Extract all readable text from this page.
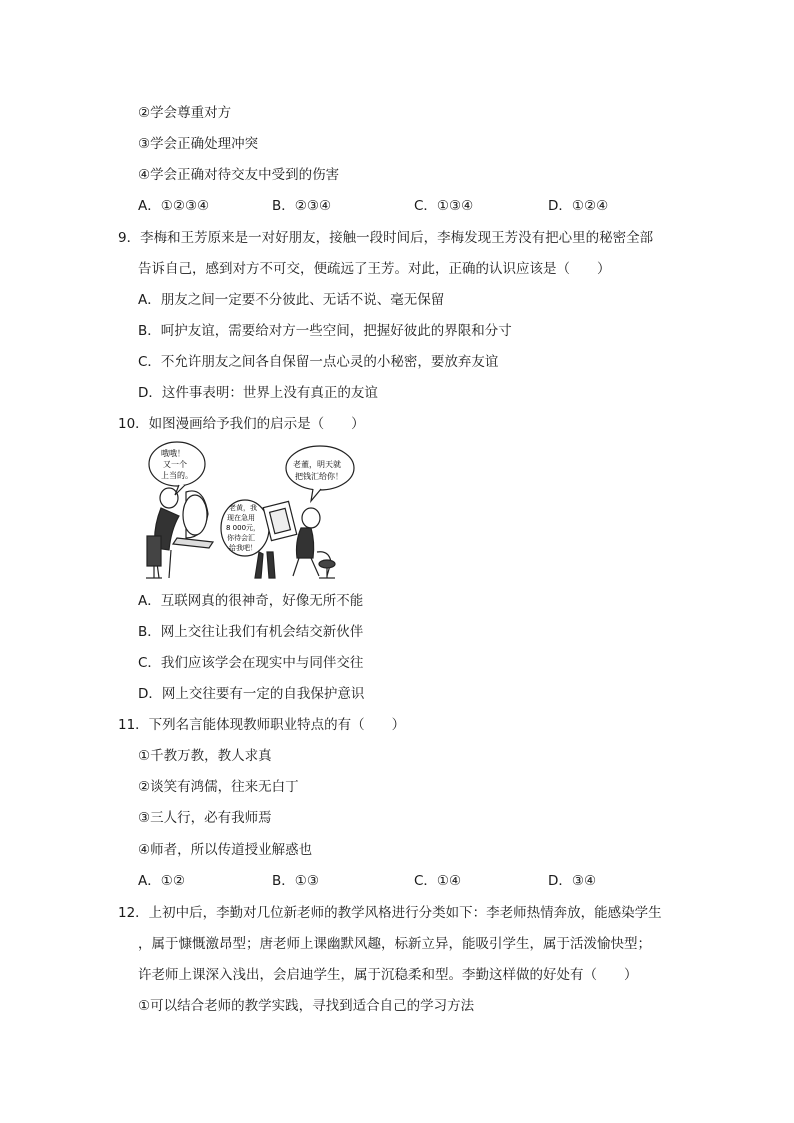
②学会尊重对方
③学会正确处理冲突
④学会正确对待交友中受到的伤害
A．①②③④	B．②③④	C．①③④	D．①②④
9．李梅和王芳原来是一对好朋友，接触一段时间后，李梅发现王芳没有把心里的秘密全部
告诉自己，感到对方不可交，便疏远了王芳。对此，正确的认识应该是（　　）
A．朋友之间一定要不分彼此、无话不说、毫无保留
B．呵护友谊，需要给对方一些空间，把握好彼此的界限和分寸
C．不允许朋友之间各自保留一点心灵的小秘密，要放弃友谊
D．这件事表明：世界上没有真正的友谊
10．如图漫画给予我们的启示是（　　）
哦哦！
又一个
上当的。
老黄，我
现在急用
8 000元，
你待会汇
给我吧！
老董，明天就
把钱汇给你！
A．互联网真的很神奇，好像无所不能
B．网上交往让我们有机会结交新伙伴
C．我们应该学会在现实中与同伴交往
D．网上交往要有一定的自我保护意识
11．下列名言能体现教师职业特点的有（　　）
①千教万教，教人求真
②谈笑有鸿儒，往来无白丁
③三人行，必有我师焉
④师者，所以传道授业解惑也
A．①②	B．①③	C．①④	D．③④
12．上初中后，李勤对几位新老师的教学风格进行分类如下：李老师热情奔放，能感染学生
，属于慷慨激昂型；唐老师上课幽默风趣，标新立异，能吸引学生，属于活泼愉快型；
许老师上课深入浅出，会启迪学生，属于沉稳柔和型。李勤这样做的好处有（　　）
①可以结合老师的教学实践，寻找到适合自己的学习方法
